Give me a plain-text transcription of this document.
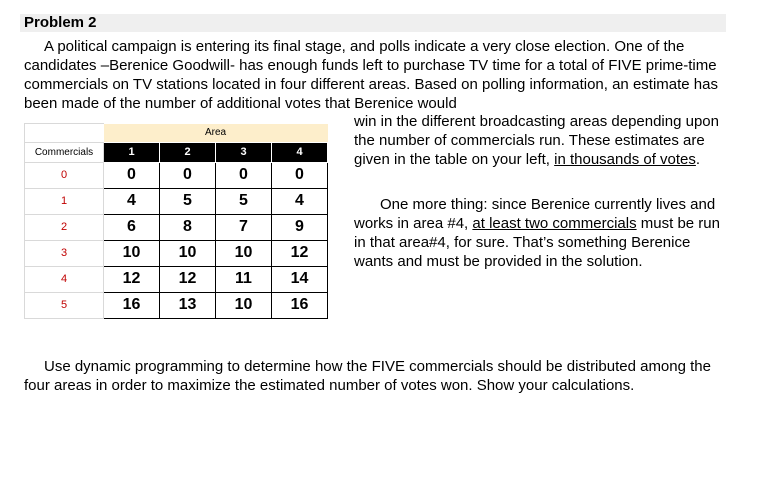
Problem 2

A political campaign is entering its final stage, and polls indicate a very close election. One of the candidates –Berenice Goodwill- has enough funds left to purchase TV time for a total of FIVE prime-time commercials on TV stations located in four different areas. Based on polling information, an estimate has been made of the number of additional votes that Berenice would

win in the different broadcasting areas depending upon the number of commercials run. These estimates are given in the table on your left, in thousands of votes.

One more thing: since Berenice currently lives and works in area #4, at least two commercials must be run in that area#4, for sure. That’s something Berenice wants and must be provided in the solution.

Use dynamic programming to determine how the FIVE commercials should be distributed among the four areas in order to maximize the estimated number of votes won. Show your calculations.

	Area			
Commercials	1	2	3	4
0	0	0	0	0
1	4	5	5	4
2	6	8	7	9
3	10	10	10	12
4	12	12	11	14
5	16	13	10	16
